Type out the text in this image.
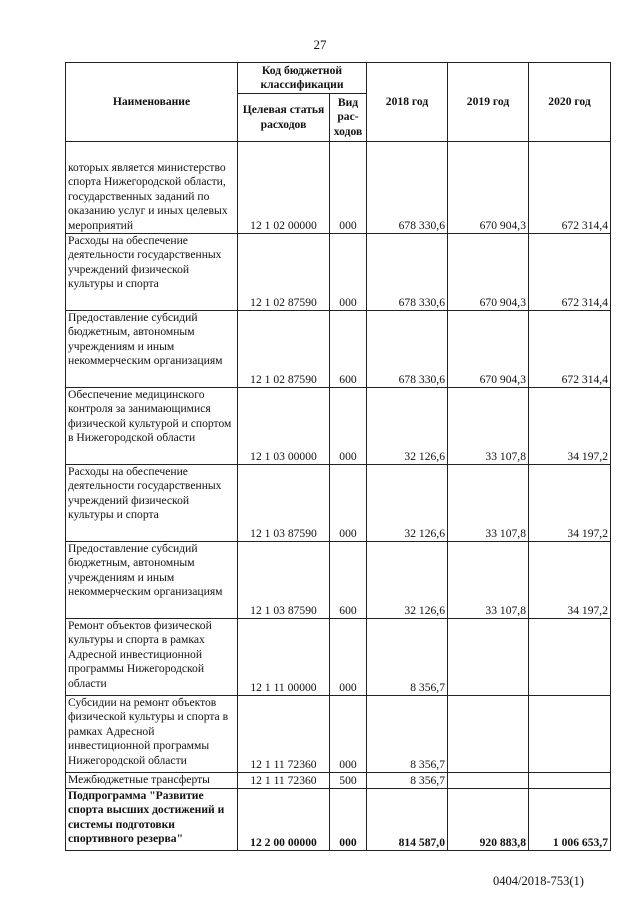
27
Наименование	Код бюджетной классификации		2018 год	2019 год	2020 год
	Целевая статья расходов	Вид рас-ходов			
которых является министерство спорта Нижегородской области, государственных заданий по оказанию услуг и иных целевых мероприятий	12 1 02 00000	000	678 330,6	670 904,3	672 314,4
Расходы на обеспечение деятельности государственных учреждений физической культуры и спорта	12 1 02 87590	000	678 330,6	670 904,3	672 314,4
Предоставление субсидий бюджетным, автономным учреждениям и иным некоммерческим организациям	12 1 02 87590	600	678 330,6	670 904,3	672 314,4
Обеспечение медицинского контроля за занимающимися физической культурой и спортом в Нижегородской области	12 1 03 00000	000	32 126,6	33 107,8	34 197,2
Расходы на обеспечение деятельности государственных учреждений физической культуры и спорта	12 1 03 87590	000	32 126,6	33 107,8	34 197,2
Предоставление субсидий бюджетным, автономным учреждениям и иным некоммерческим организациям	12 1 03 87590	600	32 126,6	33 107,8	34 197,2
Ремонт объектов физической культуры и спорта в рамках Адресной инвестиционной программы Нижегородской области	12 1 11 00000	000	8 356,7		
Субсидии на ремонт объектов физической культуры и спорта в рамках Адресной инвестиционной программы Нижегородской области	12 1 11 72360	000	8 356,7		
Межбюджетные трансферты	12 1 11 72360	500	8 356,7		
Подпрограмма "Развитие спорта высших достижений и системы подготовки спортивного резерва"	12 2 00 00000	000	814 587,0	920 883,8	1 006 653,7
0404/2018-753(1)
